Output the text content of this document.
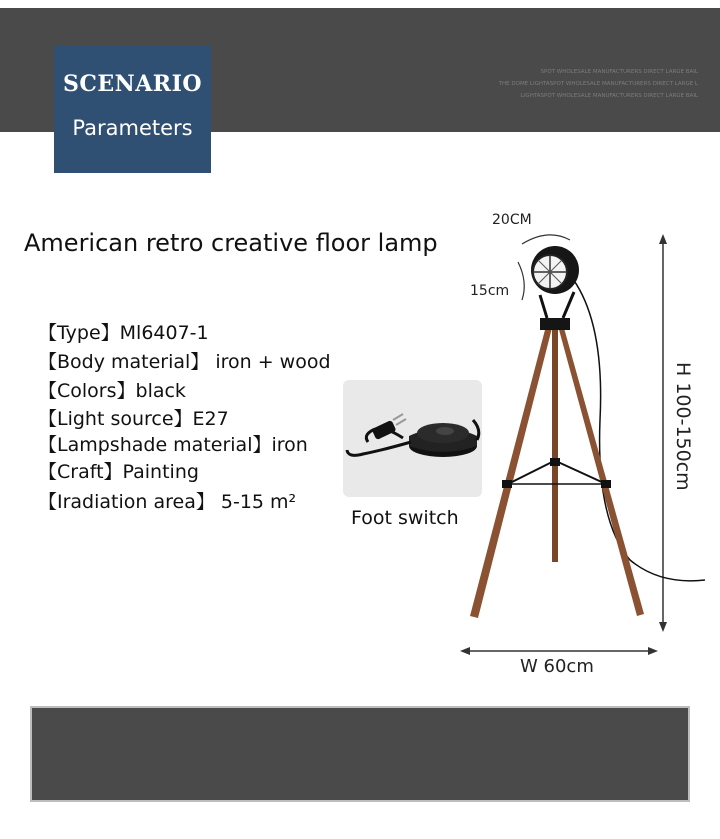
SPOT WHOLESALE MANUFACTURERS DIRECT LARGE BAIL
THE DOME LIGHTASPOT WHOLESALE MANUFACTURERS DIRECT LARGE L
LIGHTASPOT WHOLESALE MANUFACTURERS DIRECT LARGE BAIL
SCENARIO
Parameters
American retro creative floor lamp
【Type】Ml6407-1
【Body material】 iron + wood
【Colors】black
【Light source】E27
【Lampshade material】iron
【Craft】Painting
【Iradiation area】 5-15 m²
Foot switch
20CM
15cm
W 60cm
H 100-150cm
